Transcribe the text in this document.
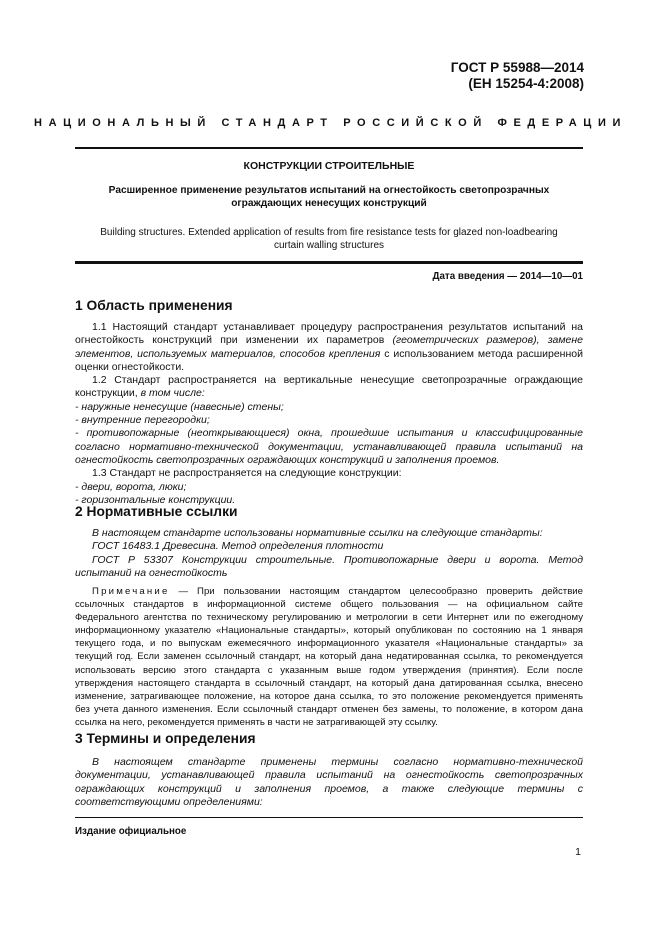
ГОСТ Р 55988—2014
(ЕН 15254-4:2008)
НАЦИОНАЛЬНЫЙ СТАНДАРТ РОССИЙСКОЙ ФЕДЕРАЦИИ
КОНСТРУКЦИИ СТРОИТЕЛЬНЫЕ
Расширенное применение результатов испытаний на огнестойкость светопрозрачных
ограждающих ненесущих конструкций
Building structures. Extended application of results from fire resistance tests for glazed non-loadbearing
curtain walling structures
Дата введения — 2014—10—01
1 Область применения

1.1 Настоящий стандарт устанавливает процедуру распространения результатов испытаний на огнестойкость конструкций при изменении их параметров (геометрических размеров), замене элементов, используемых материалов, способов крепления с использованием метода расширенной оценки огнестойкости.

1.2 Стандарт распространяется на вертикальные ненесущие светопрозрачные ограждающие конструкции, в том числе:

- наружные ненесущие (навесные) стены;

- внутренние перегородки;

- противопожарные (неоткрывающиеся) окна, прошедшие испытания и классифицированные согласно нормативно-технической документации, устанавливающей правила испытаний на огнестойкость светопрозрачных ограждающих конструкций и заполнения проемов.

1.3 Стандарт не распространяется на следующие конструкции:

- двери, ворота, люки;

- горизонтальные конструкции.

2 Нормативные ссылки

В настоящем стандарте использованы нормативные ссылки на следующие стандарты:

ГОСТ 16483.1 Древесина. Метод определения плотности

ГОСТ Р 53307 Конструкции строительные. Противопожарные двери и ворота. Метод испытаний на огнестойкость

Примечание — При пользовании настоящим стандартом целесообразно проверить действие ссылочных стандартов в информационной системе общего пользования — на официальном сайте Федерального агентства по техническому регулированию и метрологии в сети Интернет или по ежегодному информационному указателю «Национальные стандарты», который опубликован по состоянию на 1 января текущего года, и по выпускам ежемесячного информационного указателя «Национальные стандарты» за текущий год. Если заменен ссылочный стандарт, на который дана недатированная ссылка, то рекомендуется использовать версию этого стандарта с указанным выше годом утверждения (принятия). Если после утверждения настоящего стандарта в ссылочный стандарт, на который дана датированная ссылка, внесено изменение, затрагивающее положение, на которое дана ссылка, то это положение рекомендуется применять без учета данного изменения. Если ссылочный стандарт отменен без замены, то положение, в котором дана ссылка на него, рекомендуется применять в части не затрагивающей эту ссылку.

3 Термины и определения

В настоящем стандарте применены термины согласно нормативно-технической документации, устанавливающей правила испытаний на огнестойкость светопрозрачных ограждающих конструкций и заполнения проемов, а также следующие термины с соответствующими определениями:

Издание официальное
1
